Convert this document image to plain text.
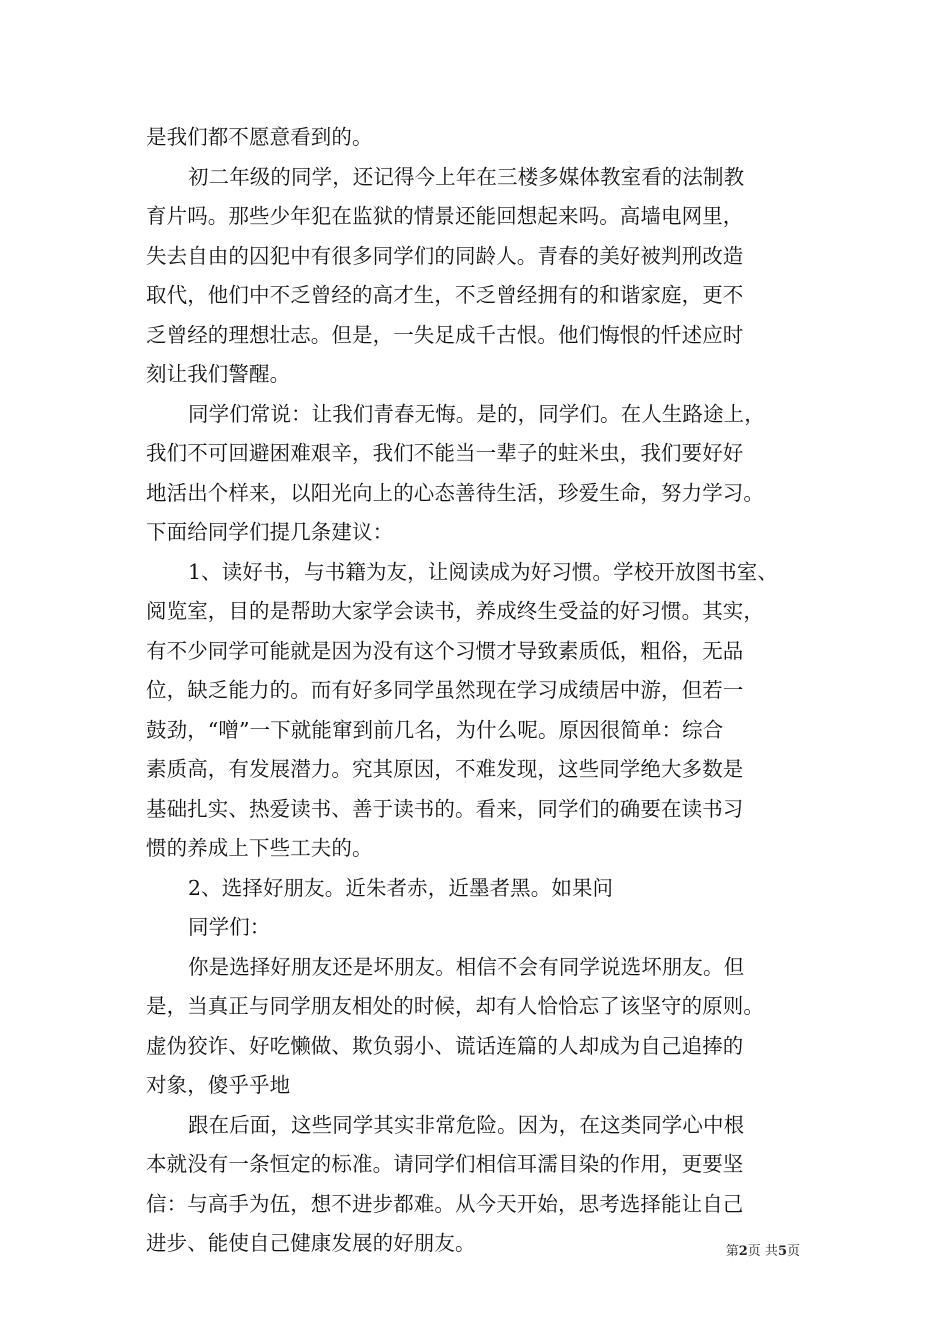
是我们都不愿意看到的。
初二年级的同学，还记得今上年在三楼多媒体教室看的法制教
育片吗。那些少年犯在监狱的情景还能回想起来吗。高墙电网里，
失去自由的囚犯中有很多同学们的同龄人。青春的美好被判刑改造
取代，他们中不乏曾经的高才生，不乏曾经拥有的和谐家庭，更不
乏曾经的理想壮志。但是，一失足成千古恨。他们悔恨的忏述应时
刻让我们警醒。
同学们常说：让我们青春无悔。是的，同学们。在人生路途上，
我们不可回避困难艰辛，我们不能当一辈子的蛀米虫，我们要好好
地活出个样来，以阳光向上的心态善待生活，珍爱生命，努力学习。
下面给同学们提几条建议：
1、读好书，与书籍为友，让阅读成为好习惯。学校开放图书室、
阅览室，目的是帮助大家学会读书，养成终生受益的好习惯。其实，
有不少同学可能就是因为没有这个习惯才导致素质低，粗俗，无品
位，缺乏能力的。而有好多同学虽然现在学习成绩居中游，但若一
鼓劲，“噌”一下就能窜到前几名，为什么呢。原因很简单：综合
素质高，有发展潜力。究其原因，不难发现，这些同学绝大多数是
基础扎实、热爱读书、善于读书的。看来，同学们的确要在读书习
惯的养成上下些工夫的。
2、选择好朋友。近朱者赤，近墨者黑。如果问
同学们：
你是选择好朋友还是坏朋友。相信不会有同学说选坏朋友。但
是，当真正与同学朋友相处的时候，却有人恰恰忘了该坚守的原则。
虚伪狡诈、好吃懒做、欺负弱小、谎话连篇的人却成为自己追捧的
对象，傻乎乎地
跟在后面，这些同学其实非常危险。因为，在这类同学心中根
本就没有一条恒定的标准。请同学们相信耳濡目染的作用，更要坚
信：与高手为伍，想不进步都难。从今天开始，思考选择能让自己
进步、能使自己健康发展的好朋友。	第2页 共5页
